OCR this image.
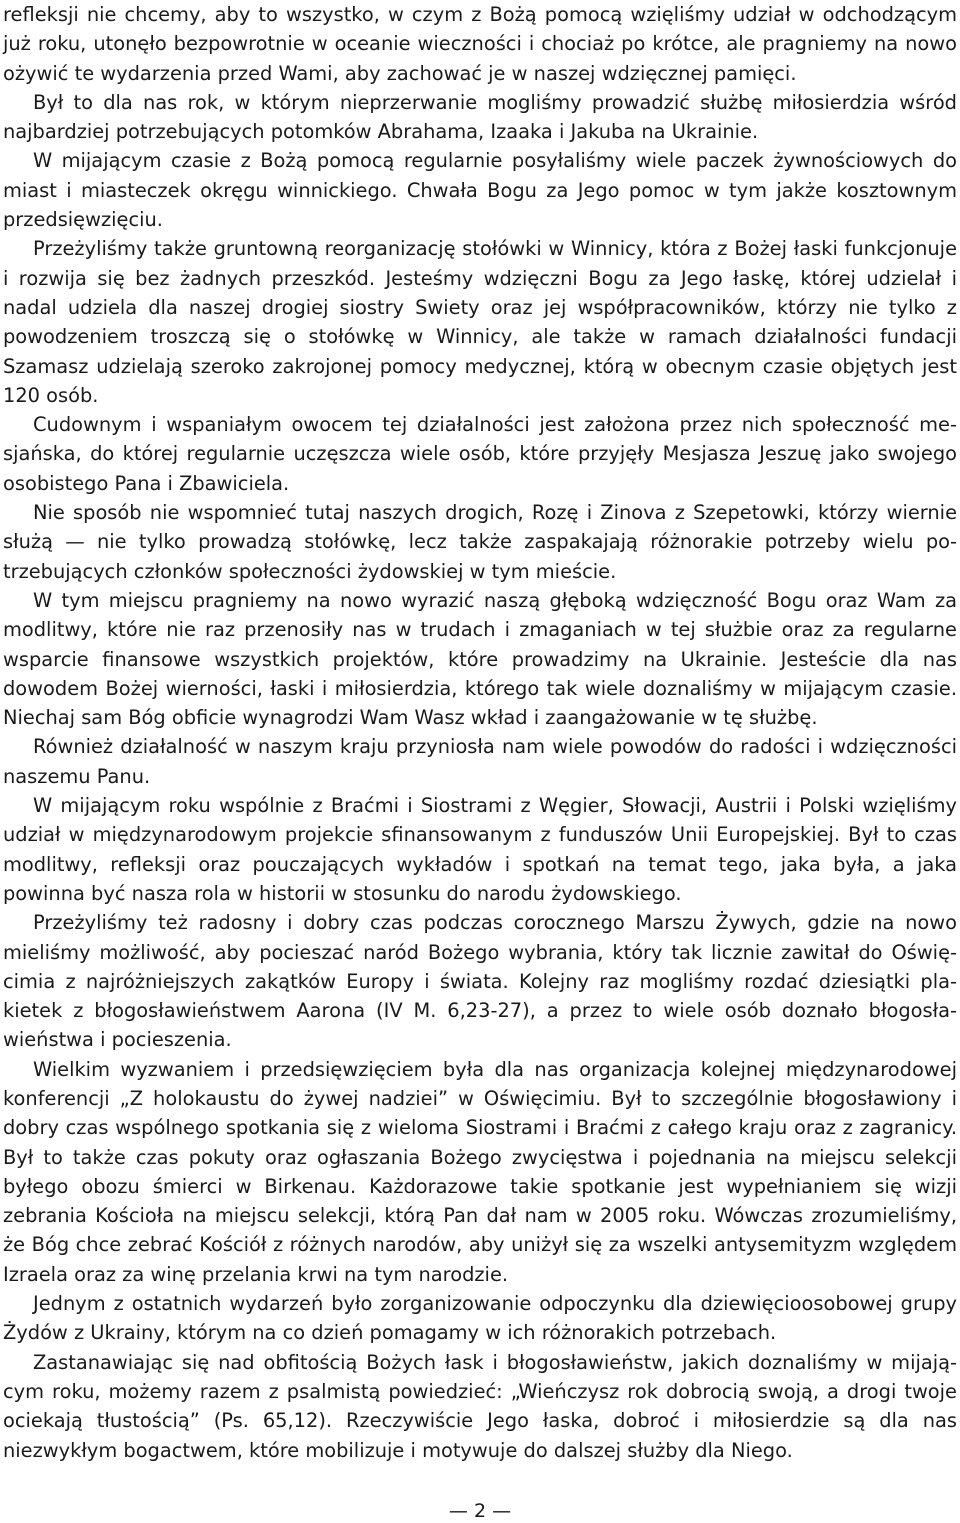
refleksji nie chcemy, aby to wszystko, w czym z Bożą pomocą wzięliśmy udział w odchodzącym już roku, utonęło bezpowrotnie w oceanie wieczności i chociaż po krótce, ale pragniemy na nowo ożywić te wydarzenia przed Wami, aby zachować je w naszej wdzięcznej pamięci.

Był to dla nas rok, w którym nieprzerwanie mogliśmy prowadzić służbę miłosierdzia wśród najbardziej potrzebujących potomków Abrahama, Izaaka i Jakuba na Ukrainie.

W mijającym czasie z Bożą pomocą regularnie posyłaliśmy wiele paczek żywnościowych do miast i miasteczek okręgu winnickiego. Chwała Bogu za Jego pomoc w tym jakże kosztownym przedsięwzięciu.

Przeżyliśmy także gruntowną reorganizację stołówki w Winnicy, która z Bożej łaski funkcjonuje i rozwija się bez żadnych przeszkód. Jesteśmy wdzięczni Bogu za Jego łaskę, której udzielał i nadal udziela dla naszej drogiej siostry Swiety oraz jej współpracowników, którzy nie tylko z powodzeniem troszczą się o stołówkę w Winnicy, ale także w ramach działalności fundacji Szamasz udzielają szeroko zakrojonej pomocy medycznej, którą w obecnym czasie objętych jest 120 osób.

Cudownym i wspaniałym owocem tej działalności jest założona przez nich społeczność mesjańska, do której regularnie uczęszcza wiele osób, które przyjęły Mesjasza Jeszuę jako swojego osobistego Pana i Zbawiciela.

Nie sposób nie wspomnieć tutaj naszych drogich, Rozę i Zinova z Szepetowki, którzy wiernie służą — nie tylko prowadzą stołówkę, lecz także zaspakajają różnorakie potrzeby wielu potrzebujących członków społeczności żydowskiej w tym mieście.

W tym miejscu pragniemy na nowo wyrazić naszą głęboką wdzięczność Bogu oraz Wam za modlitwy, które nie raz przenosiły nas w trudach i zmaganiach w tej służbie oraz za regularne wsparcie finansowe wszystkich projektów, które prowadzimy na Ukrainie. Jesteście dla nas dowodem Bożej wierności, łaski i miłosierdzia, którego tak wiele doznaliśmy w mijającym czasie. Niechaj sam Bóg obficie wynagrodzi Wam Wasz wkład i zaangażowanie w tę służbę.

Również działalność w naszym kraju przyniosła nam wiele powodów do radości i wdzięczności naszemu Panu.

W mijającym roku wspólnie z Braćmi i Siostrami z Węgier, Słowacji, Austrii i Polski wzięliśmy udział w międzynarodowym projekcie sfinansowanym z funduszów Unii Europejskiej. Był to czas modlitwy, refleksji oraz pouczających wykładów i spotkań na temat tego, jaka była, a jaka powinna być nasza rola w historii w stosunku do narodu żydowskiego.

Przeżyliśmy też radosny i dobry czas podczas corocznego Marszu Żywych, gdzie na nowo mieliśmy możliwość, aby pocieszać naród Bożego wybrania, który tak licznie zawitał do Oświęcimia z najróżniejszych zakątków Europy i świata. Kolejny raz mogliśmy rozdać dziesiątki plakietek z błogosławieństwem Aarona (IV M. 6,23-27), a przez to wiele osób doznało błogosławieństwa i pocieszenia.

Wielkim wyzwaniem i przedsięwzięciem była dla nas organizacja kolejnej międzynarodowej konferencji „Z holokaustu do żywej nadziei” w Oświęcimiu. Był to szczególnie błogosławiony i dobry czas wspólnego spotkania się z wieloma Siostrami i Braćmi z całego kraju oraz z zagranicy. Był to także czas pokuty oraz ogłaszania Bożego zwycięstwa i pojednania na miejscu selekcji byłego obozu śmierci w Birkenau. Każdorazowe takie spotkanie jest wypełnianiem się wizji zebrania Kościoła na miejscu selekcji, którą Pan dał nam w 2005 roku. Wówczas zrozumieliśmy, że Bóg chce zebrać Kościół z różnych narodów, aby uniżył się za wszelki antysemityzm względem Izraela oraz za winę przelania krwi na tym narodzie.

Jednym z ostatnich wydarzeń było zorganizowanie odpoczynku dla dziewięcioosobowej grupy Żydów z Ukrainy, którym na co dzień pomagamy w ich różnorakich potrzebach.

Zastanawiając się nad obfitością Bożych łask i błogosławieństw, jakich doznaliśmy w mijającym roku, możemy razem z psalmistą powiedzieć: „Wieńczysz rok dobrocią swoją, a drogi twoje ociekają tłustością” (Ps. 65,12). Rzeczywiście Jego łaska, dobroć i miłosierdzie są dla nas niezwykłym bogactwem, które mobilizuje i motywuje do dalszej służby dla Niego.

— 2 —
